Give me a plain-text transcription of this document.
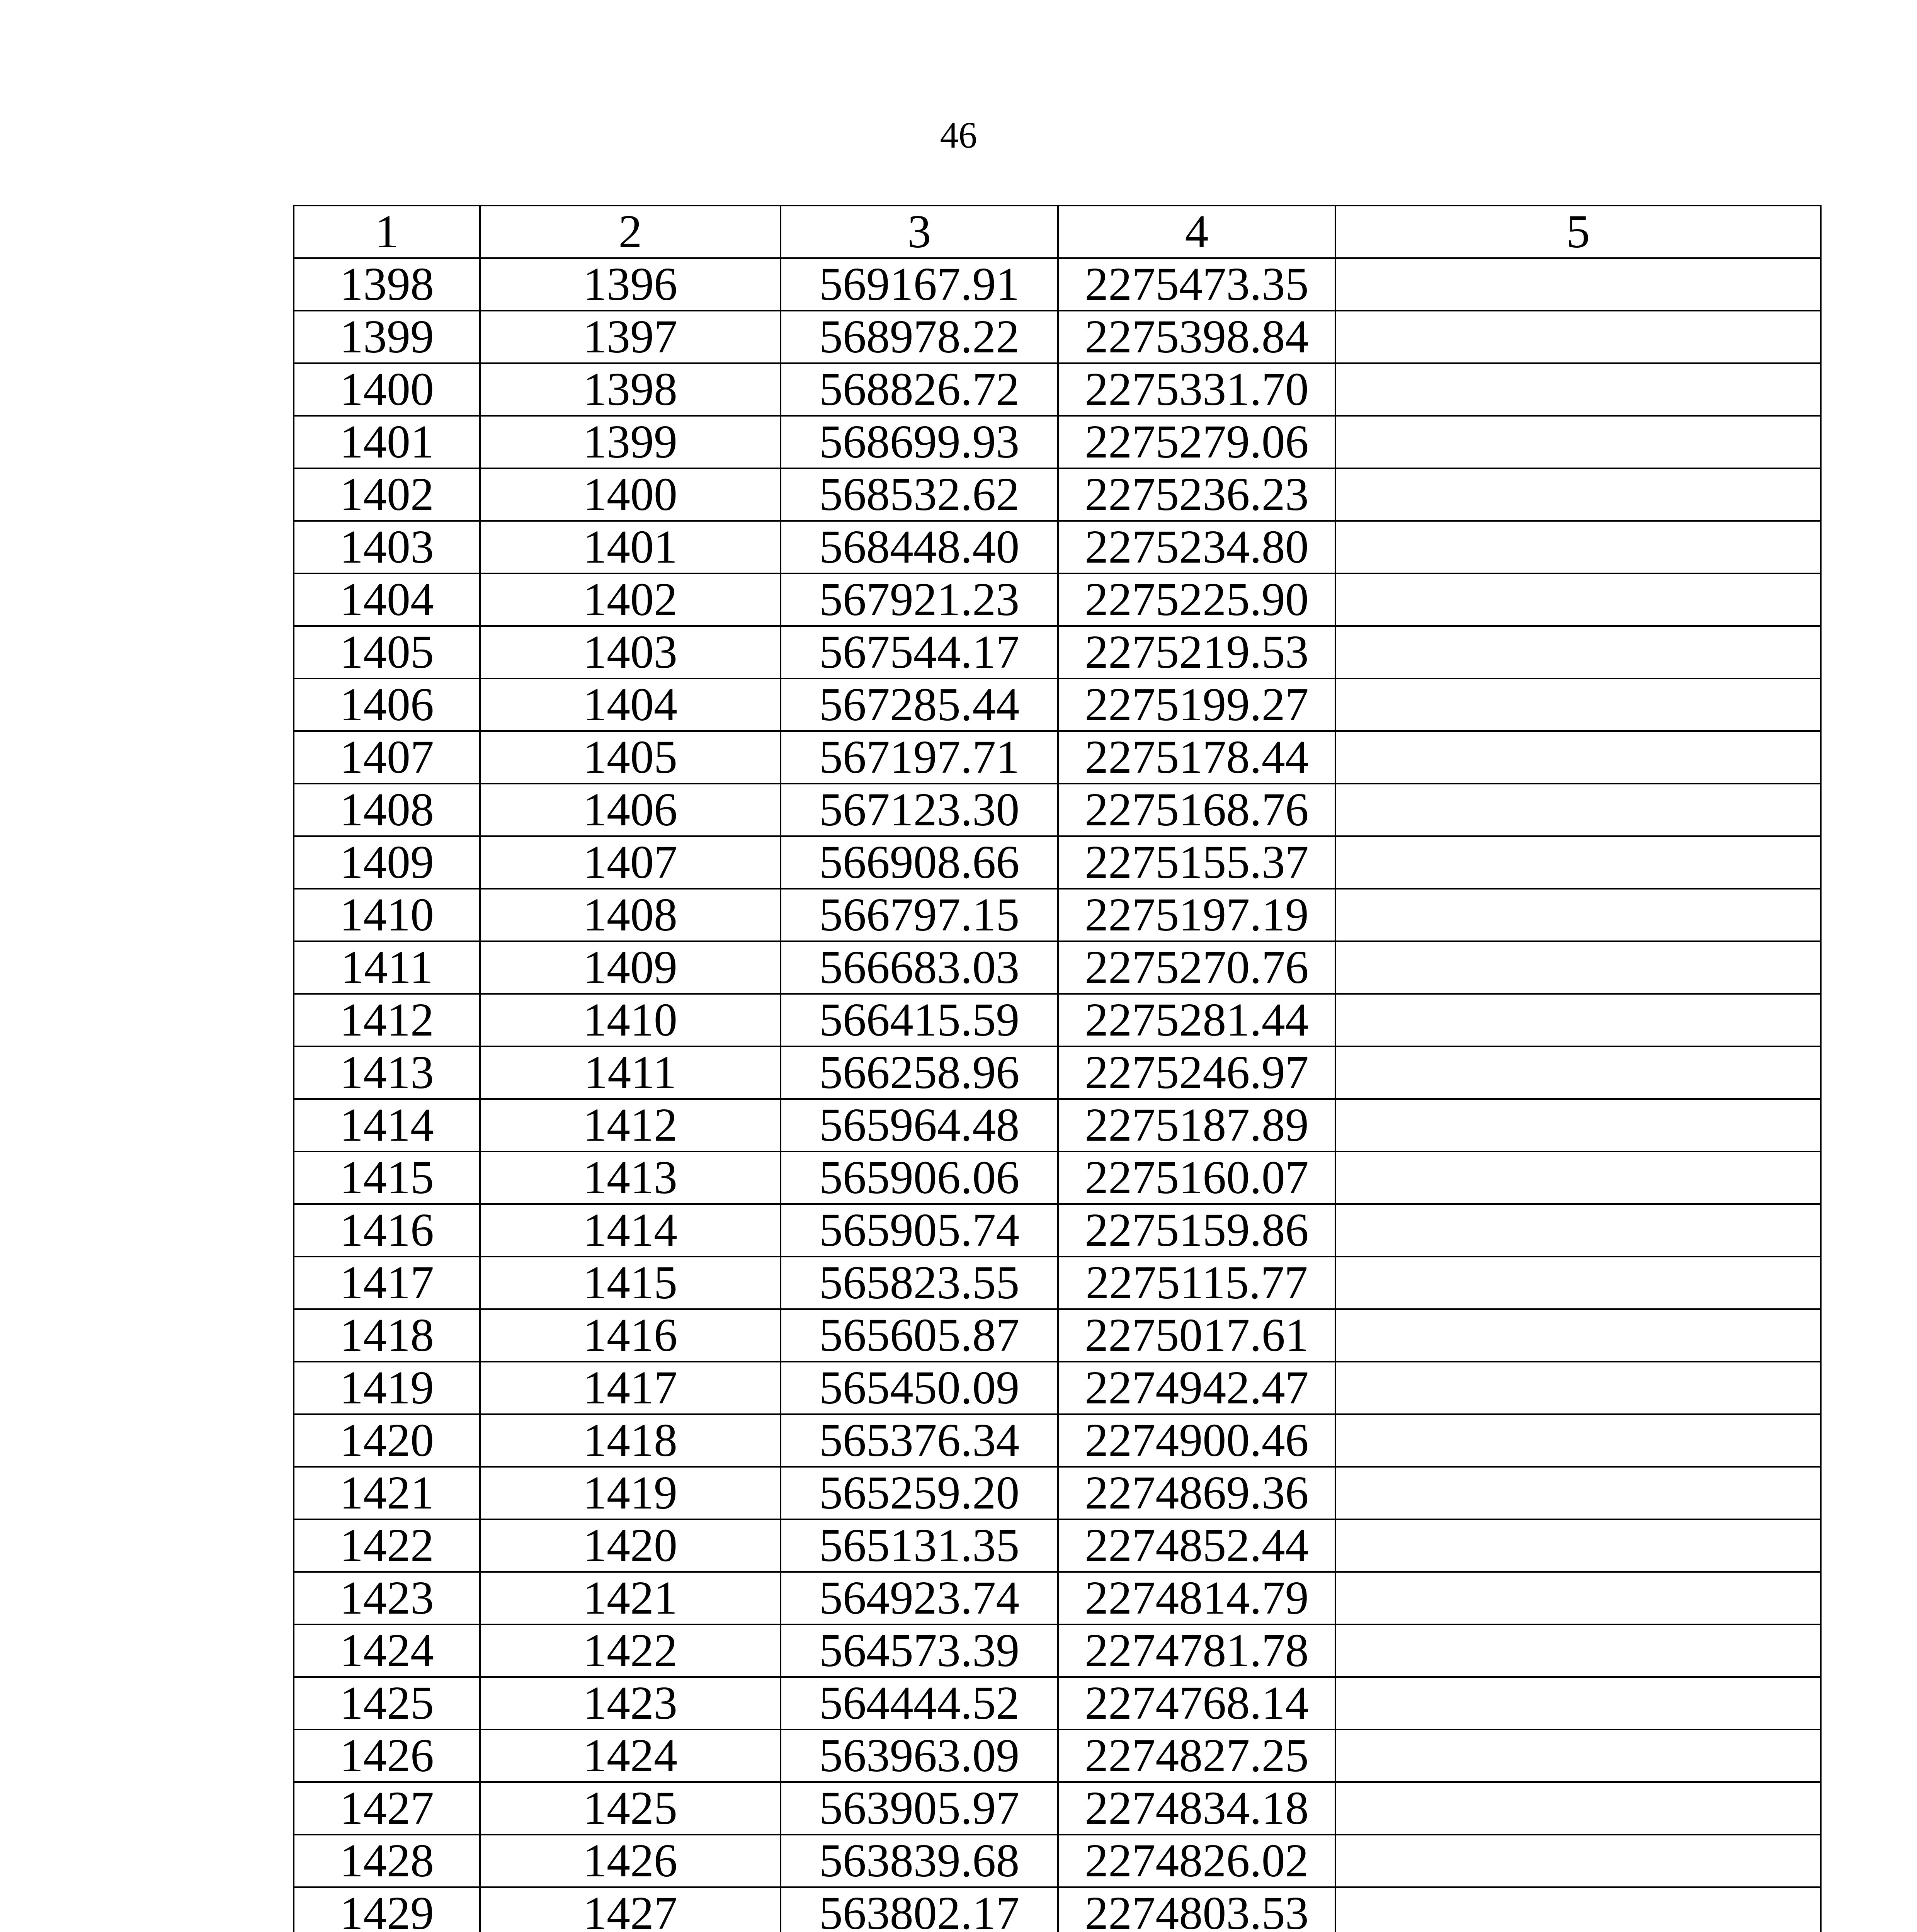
46
1	2	3	4	5
1398	1396	569167.91	2275473.35	
1399	1397	568978.22	2275398.84	
1400	1398	568826.72	2275331.70	
1401	1399	568699.93	2275279.06	
1402	1400	568532.62	2275236.23	
1403	1401	568448.40	2275234.80	
1404	1402	567921.23	2275225.90	
1405	1403	567544.17	2275219.53	
1406	1404	567285.44	2275199.27	
1407	1405	567197.71	2275178.44	
1408	1406	567123.30	2275168.76	
1409	1407	566908.66	2275155.37	
1410	1408	566797.15	2275197.19	
1411	1409	566683.03	2275270.76	
1412	1410	566415.59	2275281.44	
1413	1411	566258.96	2275246.97	
1414	1412	565964.48	2275187.89	
1415	1413	565906.06	2275160.07	
1416	1414	565905.74	2275159.86	
1417	1415	565823.55	2275115.77	
1418	1416	565605.87	2275017.61	
1419	1417	565450.09	2274942.47	
1420	1418	565376.34	2274900.46	
1421	1419	565259.20	2274869.36	
1422	1420	565131.35	2274852.44	
1423	1421	564923.74	2274814.79	
1424	1422	564573.39	2274781.78	
1425	1423	564444.52	2274768.14	
1426	1424	563963.09	2274827.25	
1427	1425	563905.97	2274834.18	
1428	1426	563839.68	2274826.02	
1429	1427	563802.17	2274803.53	
